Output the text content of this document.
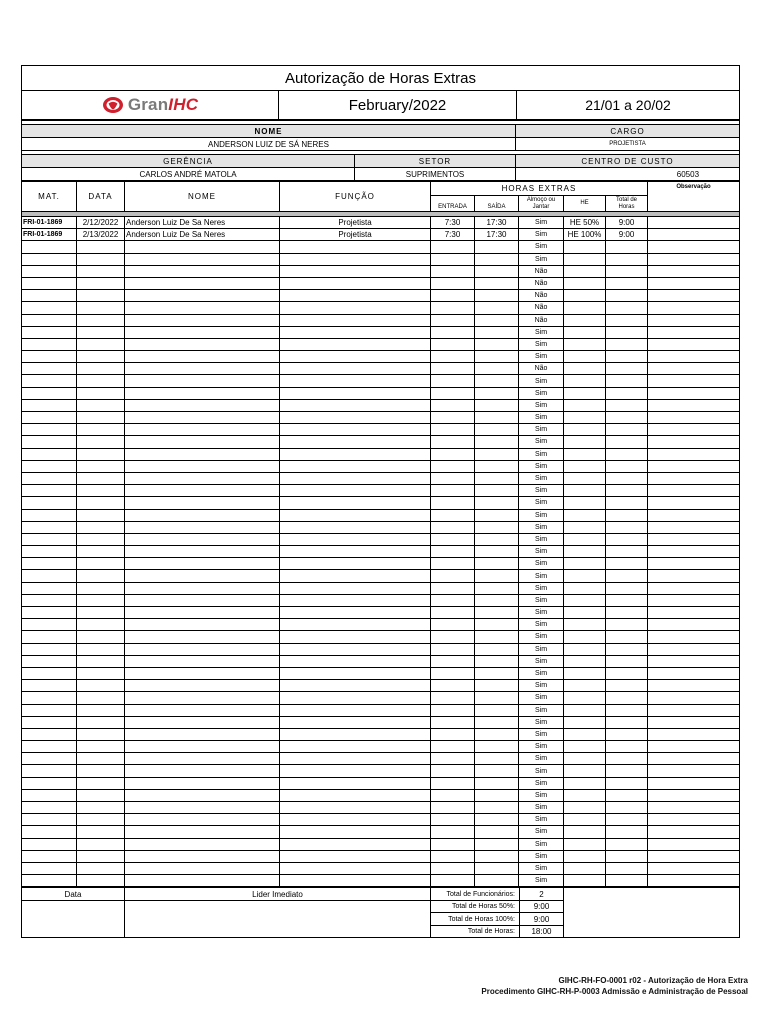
Autorização de Horas Extras

GranIHC	February/2022	21/01 a 20/02

NOME		CARGO
ANDERSON LUIZ DE SÁ NERES		PROJETISTA

GERÊNCIA	SETOR	CENTRO DE CUSTO
CARLOS ANDRÉ MATOLA	SUPRIMENTOS	60503
MAT.	DATA	NOME	FUNÇÃO	HORAS EXTRAS					Observação
				ENTRADA	SAÍDA	Almoço ou Jantar	HE	Total de Horas	

FRI-01-1869	2/12/2022	Anderson Luiz De Sa Neres	Projetista	7:30	17:30	Sim	HE 50%	9:00	
FRI-01-1869	2/13/2022	Anderson Luiz De Sa Neres	Projetista	7:30	17:30	Sim	HE 100%	9:00	
						Sim			
						Sim			
						Não			
						Não			
						Não			
						Não			
						Não			
						Sim			
						Sim			
						Sim			
						Não			
						Sim			
						Sim			
						Sim			
						Sim			
						Sim			
						Sim			
						Sim			
						Sim			
						Sim			
						Sim			
						Sim			
						Sim			
						Sim			
						Sim			
						Sim			
						Sim			
						Sim			
						Sim			
						Sim			
						Sim			
						Sim			
						Sim			
						Sim			
						Sim			
						Sim			
						Sim			
						Sim			
						Sim			
						Sim			
						Sim			
						Sim			
						Sim			
						Sim			
						Sim			
						Sim			
						Sim			
						Sim			
						Sim			
						Sim			
						Sim			
						Sim			
						Sim			
Data	Lider Imediato	Total de Funcionários:	2	
		Total de Horas 50%:	9:00	
		Total de Horas 100%:	9:00	
		Total de Horas:	18:00	
GIHC-RH-FO-0001 r02 - Autorização de Hora Extra
Procedimento GIHC-RH-P-0003 Admissão e Administração de Pessoal
